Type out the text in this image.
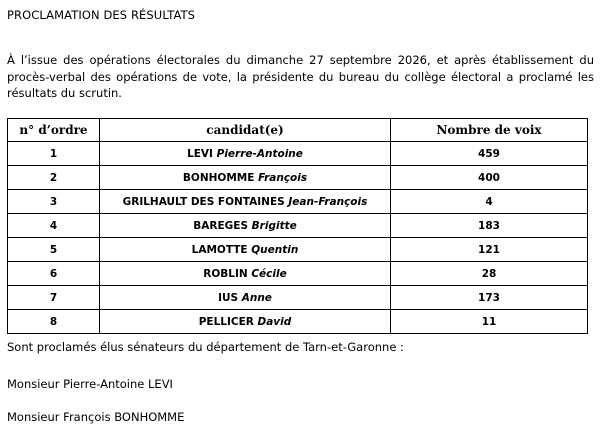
PROCLAMATION DES RÉSULTATS

À l’issue des opérations électorales du dimanche 27 septembre 2026, et après établissement du procès-verbal des opérations de vote, la présidente du bureau du collège électoral a proclamé les résultats du scrutin.

n° d’ordre	candidat(e)	Nombre de voix
1	LEVI Pierre-Antoine	459
2	BONHOMME François	400
3	GRILHAULT DES FONTAINES Jean-François	4
4	BAREGES Brigitte	183
5	LAMOTTE Quentin	121
6	ROBLIN Cécile	28
7	IUS Anne	173
8	PELLICER David	11
Sont proclamés élus sénateurs du département de Tarn-et-Garonne :
Monsieur Pierre-Antoine LEVI
Monsieur François BONHOMME
